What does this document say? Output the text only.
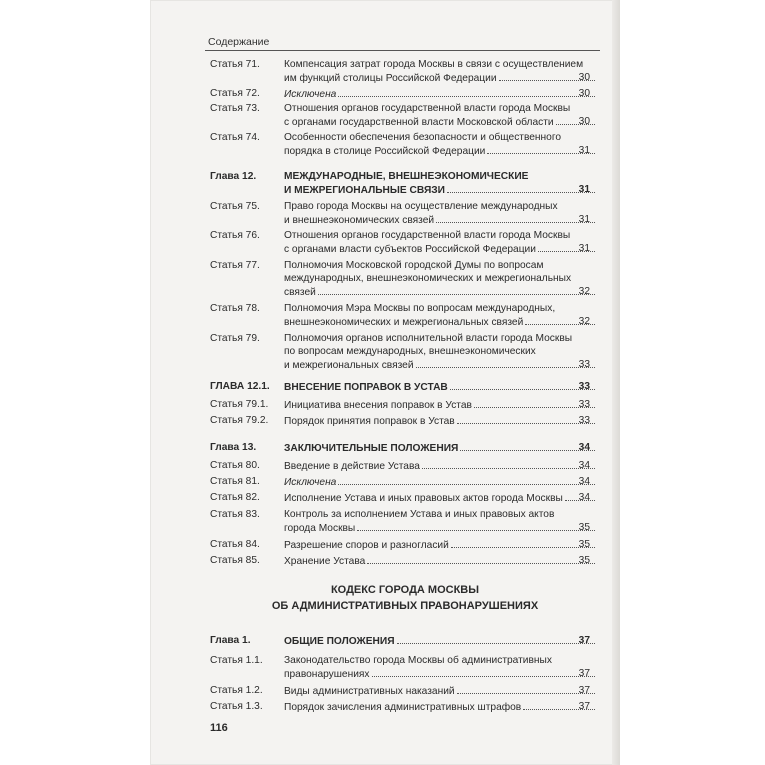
Содержание
Статья 71.	Компенсация затрат города Москвы в связи с осуществлением
им функций столицы Российской Федерации	30
Статья 72.	Исключена	30
Статья 73.	Отношения органов государственной власти города Москвы
с органами государственной власти Московской области	30
Статья 74.	Особенности обеспечения безопасности и общественного
порядка в столице Российской Федерации	31
Глава 12.	МЕЖДУНАРОДНЫЕ, ВНЕШНЕЭКОНОМИЧЕСКИЕ
И МЕЖРЕГИОНАЛЬНЫЕ СВЯЗИ	31
Статья 75.	Право города Москвы на осуществление международных
и внешнеэкономических связей	31
Статья 76.	Отношения органов государственной власти города Москвы
с органами власти субъектов Российской Федерации	31
Статья 77.	Полномочия Московской городской Думы по вопросам
международных, внешнеэкономических и межрегиональных
связей	32
Статья 78.	Полномочия Мэра Москвы по вопросам международных,
внешнеэкономических и межрегиональных связей	32
Статья 79.	Полномочия органов исполнительной власти города Москвы
по вопросам международных, внешнеэкономических
и межрегиональных связей	33
ГЛАВА 12.1.	ВНЕСЕНИЕ ПОПРАВОК В УСТАВ	33
Статья 79.1.	Инициатива внесения поправок в Устав	33
Статья 79.2.	Порядок принятия поправок в Устав	33
Глава 13.	ЗАКЛЮЧИТЕЛЬНЫЕ ПОЛОЖЕНИЯ	34
Статья 80.	Введение в действие Устава	34
Статья 81.	Исключена	34
Статья 82.	Исполнение Устава и иных правовых актов города Москвы	34
Статья 83.	Контроль за исполнением Устава и иных правовых актов
города Москвы	35
Статья 84.	Разрешение споров и разногласий	35
Статья 85.	Хранение Устава	35
Глава 1.	ОБЩИЕ ПОЛОЖЕНИЯ	37
Статья 1.1.	Законодательство города Москвы об административных
правонарушениях	37
Статья 1.2.	Виды административных наказаний	37
Статья 1.3.	Порядок зачисления административных штрафов	37
КОДЕКС ГОРОДА МОСКВЫ
ОБ АДМИНИСТРАТИВНЫХ ПРАВОНАРУШЕНИЯХ
116
